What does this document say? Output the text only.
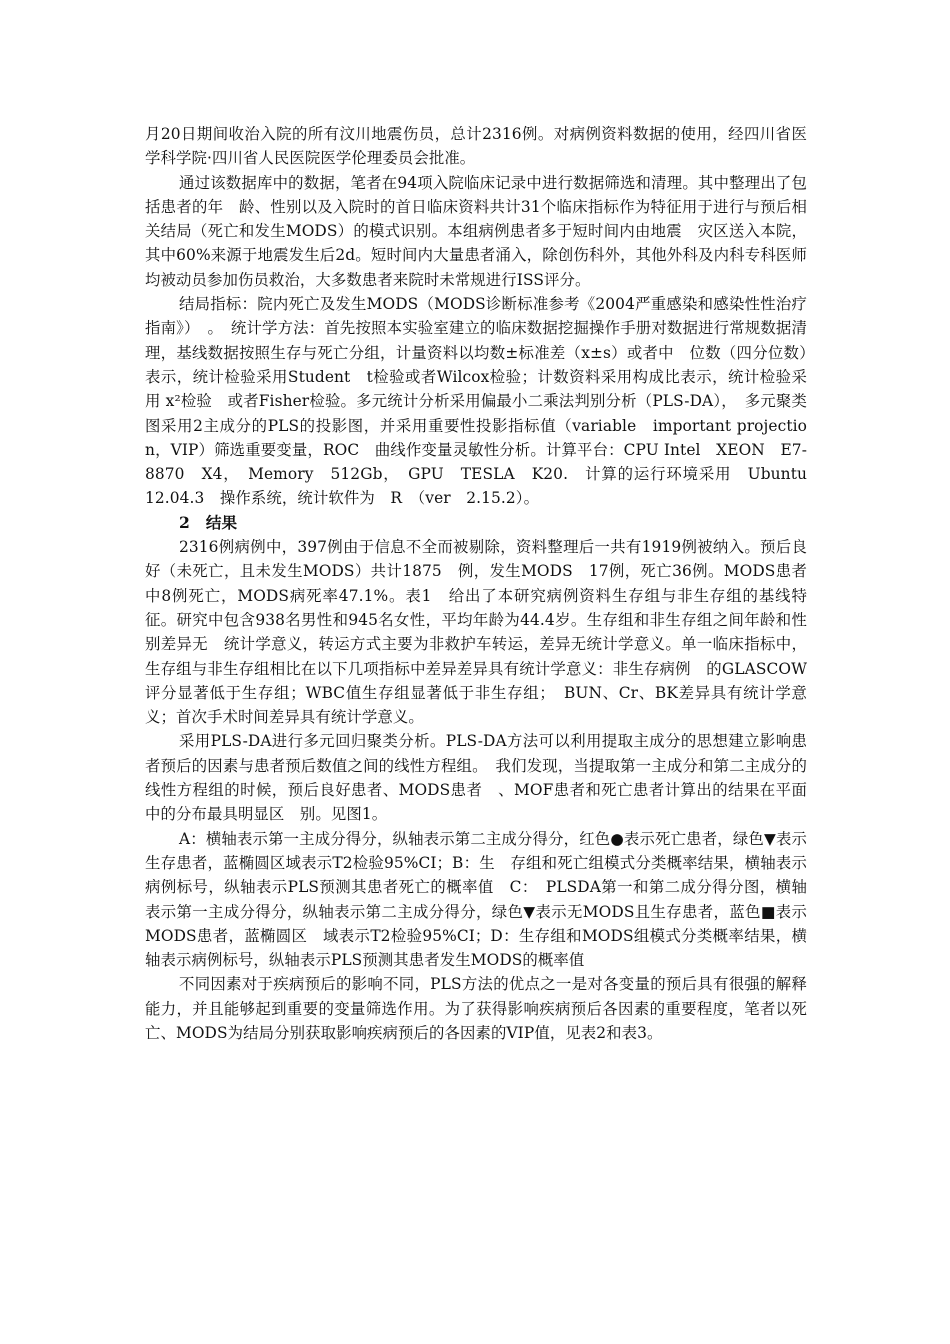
月20日期间收治入院的所有汶川地震伤员，总计2316例。对病例资料数据的使用，经四川省医学科学院·四川省人民医院医学伦理委员会批准。

通过该数据库中的数据，笔者在94项入院临床记录中进行数据筛选和清理。其中整理出了包括患者的年　龄、性别以及入院时的首日临床资料共计31个临床指标作为特征用于进行与预后相关结局（死亡和发生MODS）的模式识别。本组病例患者多于短时间内由地震　灾区送入本院，其中60%来源于地震发生后2d。短时间内大量患者涌入，除创伤科外，其他外科及内科专科医师均被动员参加伤员救治，大多数患者来院时未常规进行ISS评分。

结局指标：院内死亡及发生MODS（MODS诊断标准参考《2004严重感染和感染性性治疗指南》）　。　统计学方法：首先按照本实验室建立的临床数据挖掘操作手册对数据进行常规数据清理，基线数据按照生存与死亡分组，计量资料以均数±标准差（x±s）或者中　位数（四分位数）表示，统计检验采用Student　t检验或者Wilcox检验；计数资料采用构成比表示，统计检验采用 x²检验　或者Fisher检验。多元统计分析采用偏最小二乘法判别分析（PLS-DA），　多元聚类图采用2主成分的PLS的投影图，并采用重要性投影指标值（variable　important projection，VIP）筛选重要变量，ROC　曲线作变量灵敏性分析。计算平台：CPU Intel　XEON　E7-8870　X4，　Memory　512Gb，　GPU　TESLA　K20.　计算的运行环境采用　Ubuntu　12.04.3　操作系统，统计软件为　R　（ver　2.15.2）。

2 结果

2316例病例中，397例由于信息不全而被剔除，资料整理后一共有1919例被纳入。预后良好（未死亡，且未发生MODS）共计1875　例，发生MODS　17例，死亡36例。MODS患者中8例死亡，MODS病死率47.1%。表1　给出了本研究病例资料生存组与非生存组的基线特征。研究中包含938名男性和945名女性，平均年龄为44.4岁。生存组和非生存组之间年龄和性别差异无　统计学意义，转运方式主要为非救护车转运，差异无统计学意义。单一临床指标中，生存组与非生存组相比在以下几项指标中差异差异具有统计学意义：非生存病例　的GLASCOW评分显著低于生存组；WBC值生存组显著低于非生存组；　BUN、Cr、BK差异具有统计学意义；首次手术时间差异具有统计学意义。

采用PLS-DA进行多元回归聚类分析。PLS-DA方法可以利用提取主成分的思想建立影响患者预后的因素与患者预后数值之间的线性方程组。　我们发现，当提取第一主成分和第二主成分的线性方程组的时候，预后良好患者、MODS患者　、MOF患者和死亡患者计算出的结果在平面中的分布最具明显区　别。见图1。

A：横轴表示第一主成分得分，纵轴表示第二主成分得分，红色●表示死亡患者，绿色▼表示生存患者，蓝椭圆区域表示T2检验95%CI；B：生　存组和死亡组模式分类概率结果，横轴表示病例标号，纵轴表示PLS预测其患者死亡的概率值　C：　PLSDA第一和第二成分得分图，横轴表示第一主成分得分，纵轴表示第二主成分得分，绿色▼表示无MODS且生存患者，蓝色■表示MODS患者，蓝椭圆区　域表示T2检验95%CI；D：生存组和MODS组模式分类概率结果，横轴表示病例标号，纵轴表示PLS预测其患者发生MODS的概率值

不同因素对于疾病预后的影响不同，PLS方法的优点之一是对各变量的预后具有很强的解释能力，并且能够起到重要的变量筛选作用。为了获得影响疾病预后各因素的重要程度，笔者以死亡、MODS为结局分别获取影响疾病预后的各因素的VIP值，见表2和表3。
